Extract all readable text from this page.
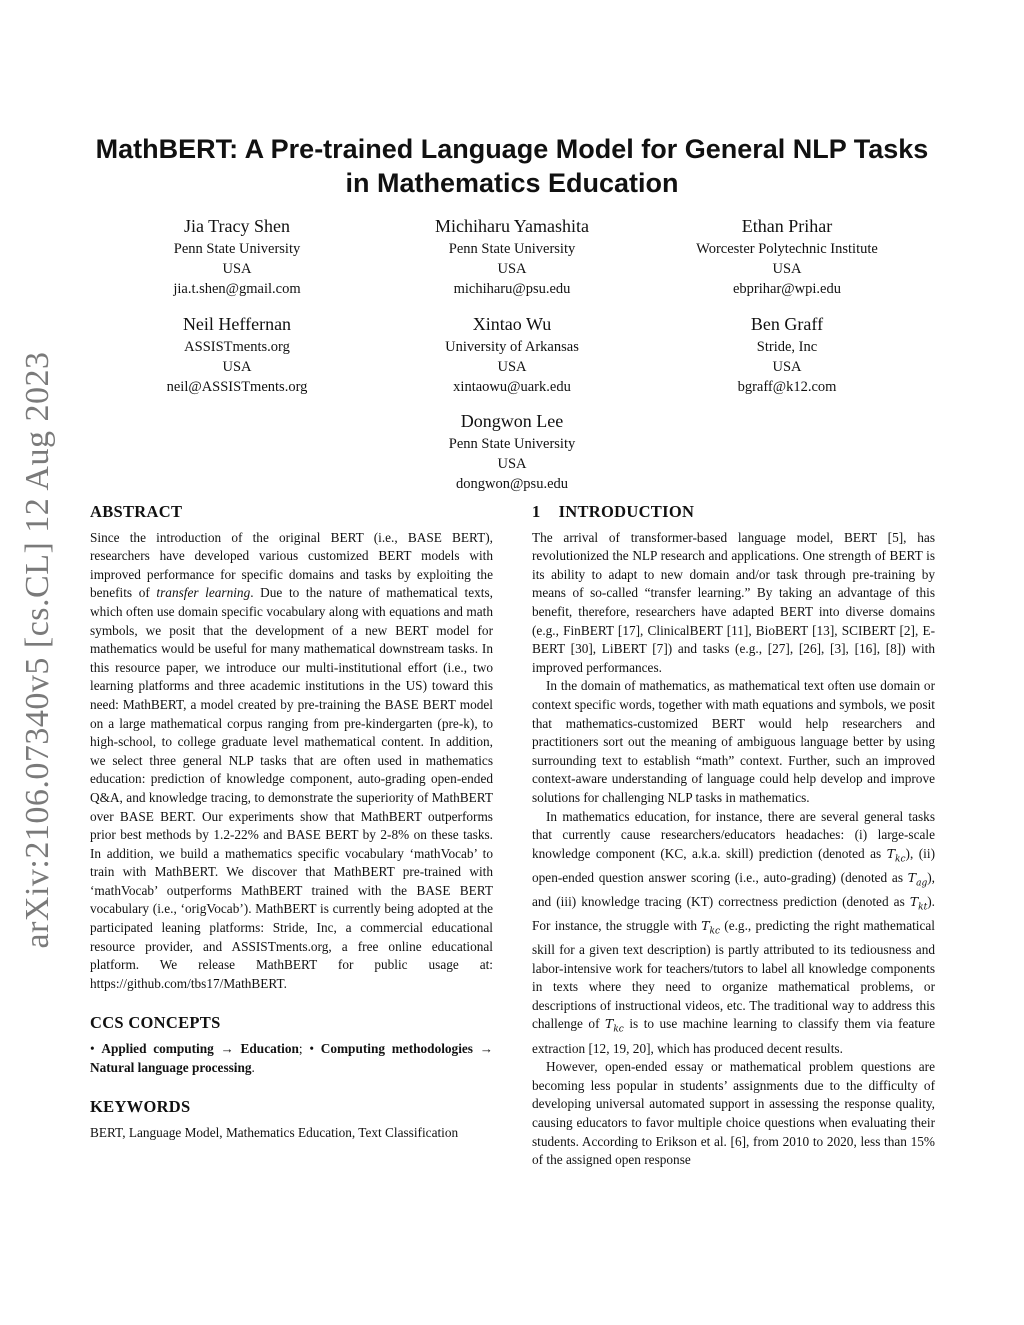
arXiv:2106.07340v5 [cs.CL] 12 Aug 2023
MathBERT: A Pre-trained Language Model for General NLP Tasks
in Mathematics Education
Jia Tracy Shen
Penn State University
USA
jia.t.shen@gmail.com
Michiharu Yamashita
Penn State University
USA
michiharu@psu.edu
Ethan Prihar
Worcester Polytechnic Institute
USA
ebprihar@wpi.edu
Neil Heffernan
ASSISTments.org
USA
neil@ASSISTments.org
Xintao Wu
University of Arkansas
USA
xintaowu@uark.edu
Ben Graff
Stride, Inc
USA
bgraff@k12.com
Dongwon Lee
Penn State University
USA
dongwon@psu.edu
ABSTRACT

Since the introduction of the original BERT (i.e., BASE BERT), researchers have developed various customized BERT models with improved performance for specific domains and tasks by exploiting the benefits of transfer learning. Due to the nature of mathematical texts, which often use domain specific vocabulary along with equations and math symbols, we posit that the development of a new BERT model for mathematics would be useful for many mathematical downstream tasks. In this resource paper, we introduce our multi-institutional effort (i.e., two learning platforms and three academic institutions in the US) toward this need: MathBERT, a model created by pre-training the BASE BERT model on a large mathematical corpus ranging from pre-kindergarten (pre-k), to high-school, to college graduate level mathematical content. In addition, we select three general NLP tasks that are often used in mathematics education: prediction of knowledge component, auto-grading open-ended Q&A, and knowledge tracing, to demonstrate the superiority of MathBERT over BASE BERT. Our experiments show that MathBERT outperforms prior best methods by 1.2-22% and BASE BERT by 2-8% on these tasks. In addition, we build a mathematics specific vocabulary ‘mathVocab’ to train with MathBERT. We discover that MathBERT pre-trained with ‘mathVocab’ outperforms MathBERT trained with the BASE BERT vocabulary (i.e., ‘origVocab’). MathBERT is currently being adopted at the participated leaning platforms: Stride, Inc, a commercial educational resource provider, and ASSISTments.org, a free online educational platform. We release MathBERT for public usage at: https://github.com/tbs17/MathBERT.

CCS CONCEPTS

• Applied computing → Education; • Computing methodologies → Natural language processing.

KEYWORDS

BERT, Language Model, Mathematics Education, Text Classification

1 INTRODUCTION

The arrival of transformer-based language model, BERT [5], has revolutionized the NLP research and applications. One strength of BERT is its ability to adapt to new domain and/or task through pre-training by means of so-called “transfer learning.” By taking an advantage of this benefit, therefore, researchers have adapted BERT into diverse domains (e.g., FinBERT [17], ClinicalBERT [11], BioBERT [13], SCIBERT [2], E-BERT [30], LiBERT [7]) and tasks (e.g., [27], [26], [3], [16], [8]) with improved performances.

In the domain of mathematics, as mathematical text often use domain or context specific words, together with math equations and symbols, we posit that mathematics-customized BERT would help researchers and practitioners sort out the meaning of ambiguous language better by using surrounding text to establish “math” context. Further, such an improved context-aware understanding of language could help develop and improve solutions for challenging NLP tasks in mathematics.

In mathematics education, for instance, there are several general tasks that currently cause researchers/educators headaches: (i) large-scale knowledge component (KC, a.k.a. skill) prediction (denoted as $T_{kc}$), (ii) open-ended question answer scoring (i.e., auto-grading) (denoted as $T_{ag}$), and (iii) knowledge tracing (KT) correctness prediction (denoted as $T_{kt}$). For instance, the struggle with $T_{kc}$ (e.g., predicting the right mathematical skill for a given text description) is partly attributed to its tediousness and labor-intensive work for teachers/tutors to label all knowledge components in texts where they need to organize mathematical problems, or descriptions of instructional videos, etc. The traditional way to address this challenge of $T_{kc}$ is to use machine learning to classify them via feature extraction [12, 19, 20], which has produced decent results.

However, open-ended essay or mathematical problem questions are becoming less popular in students’ assignments due to the difficulty of developing universal automated support in assessing the response quality, causing educators to favor multiple choice questions when evaluating their students. According to Erikson et al. [6], from 2010 to 2020, less than 15% of the assigned open response
